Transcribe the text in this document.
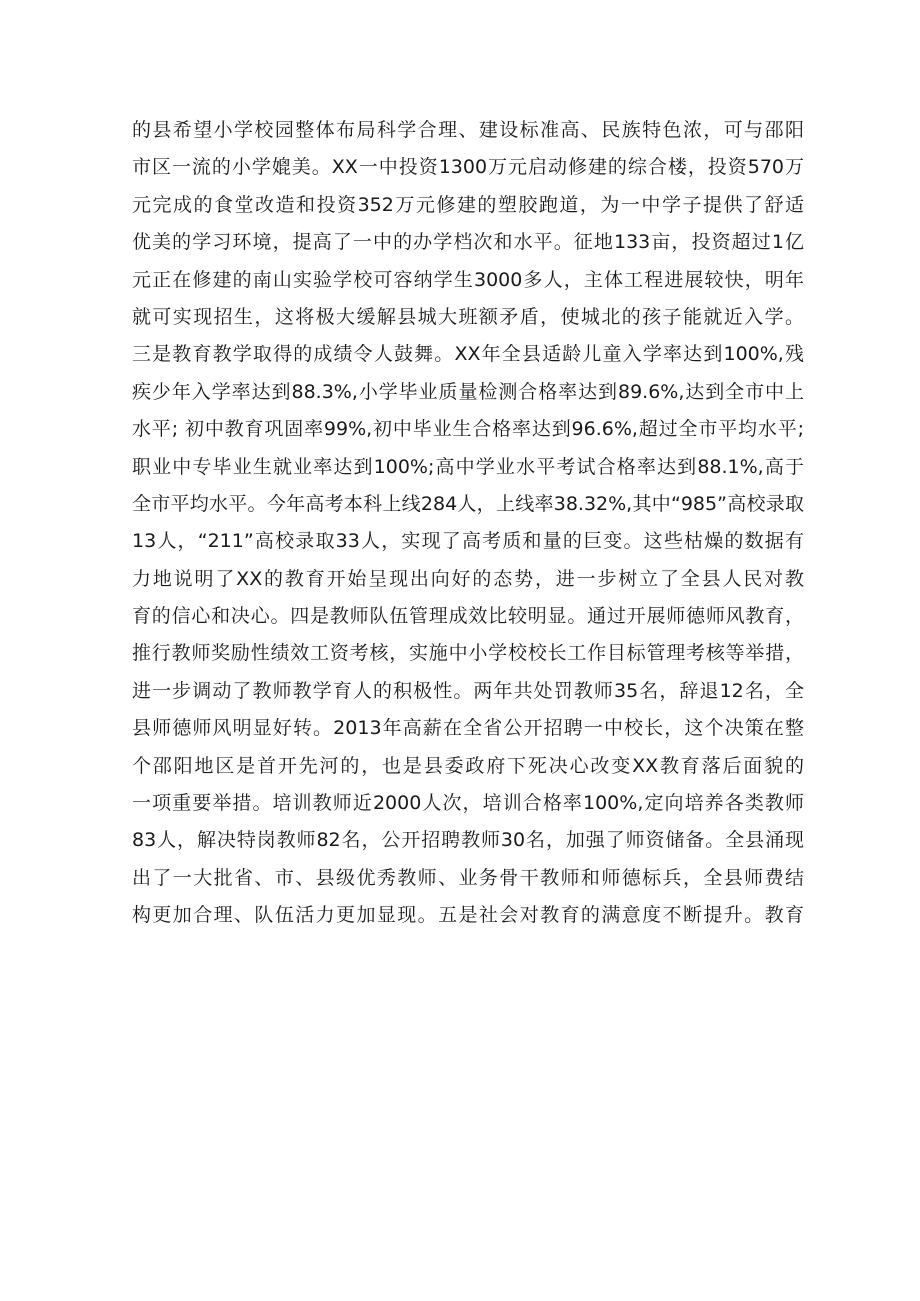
的县希望小学校园整体布局科学合理、建设标准高、民族特色浓，可与邵阳
市区一流的小学媲美。XX一中投资1300万元启动修建的综合楼，投资570万
元完成的食堂改造和投资352万元修建的塑胶跑道，为一中学子提供了舒适
优美的学习环境，提高了一中的办学档次和水平。征地133亩，投资超过1亿
元正在修建的南山实验学校可容纳学生3000多人，主体工程进展较快，明年
就可实现招生，这将极大缓解县城大班额矛盾，使城北的孩子能就近入学。
三是教育教学取得的成绩令人鼓舞。XX年全县适龄儿童入学率达到100%,残
疾少年入学率达到88.3%,小学毕业质量检测合格率达到89.6%,达到全市中上
水平; 初中教育巩固率99%,初中毕业生合格率达到96.6%,超过全市平均水平;
职业中专毕业生就业率达到100%;高中学业水平考试合格率达到88.1%,高于
全市平均水平。今年高考本科上线284人，上线率38.32%,其中“985”高校录取
13人，“211”高校录取33人，实现了高考质和量的巨变。这些枯燥的数据有
力地说明了XX的教育开始呈现出向好的态势，进一步树立了全县人民对教
育的信心和决心。四是教师队伍管理成效比较明显。通过开展师德师风教育，
推行教师奖励性绩效工资考核，实施中小学校校长工作目标管理考核等举措，
进一步调动了教师教学育人的积极性。两年共处罚教师35名，辞退12名，全
县师德师风明显好转。2013年高薪在全省公开招聘一中校长，这个决策在整
个邵阳地区是首开先河的，也是县委政府下死决心改变XX教育落后面貌的
一项重要举措。培训教师近2000人次，培训合格率100%,定向培养各类教师
83人，解决特岗教师82名，公开招聘教师30名，加强了师资储备。全县涌现
出了一大批省、市、县级优秀教师、业务骨干教师和师德标兵，全县师费结
构更加合理、队伍活力更加显现。五是社会对教育的满意度不断提升。教育
